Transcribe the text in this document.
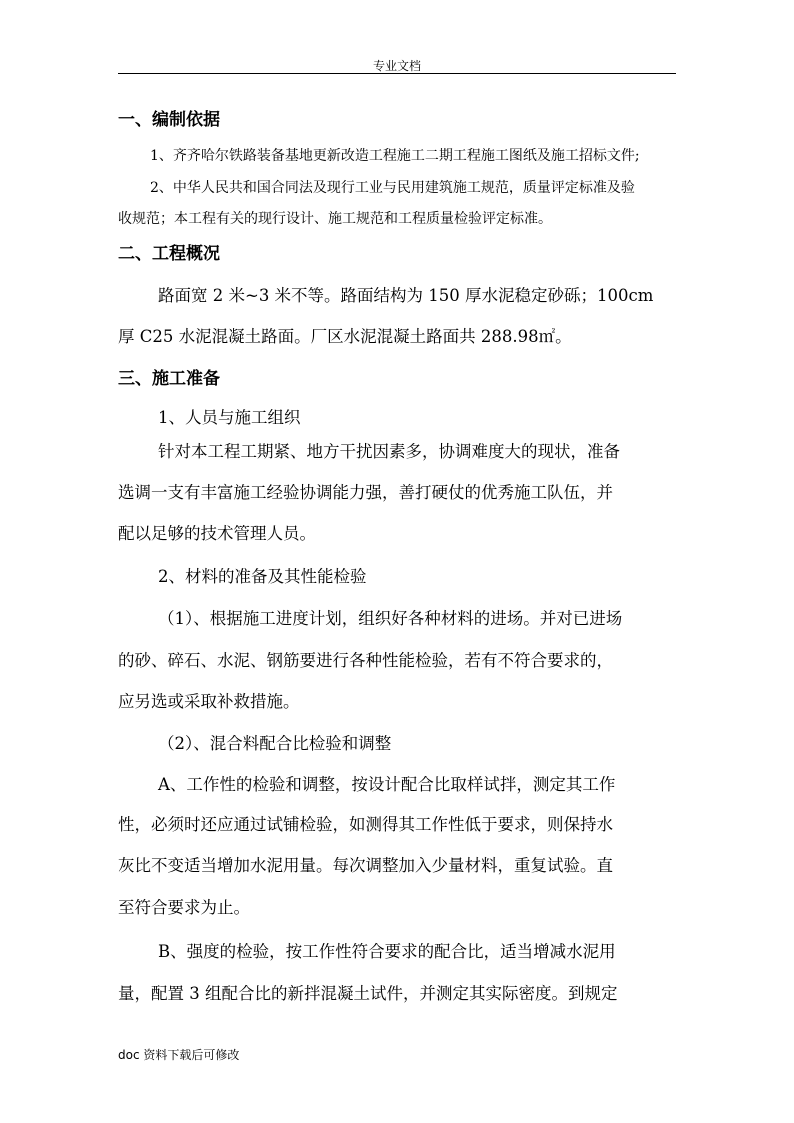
专业文档
一、编制依据
1、齐齐哈尔铁路装备基地更新改造工程施工二期工程施工图纸及施工招标文件;
2、中华人民共和国合同法及现行工业与民用建筑施工规范，质量评定标准及验
收规范；本工程有关的现行设计、施工规范和工程质量检验评定标准。
二、工程概况
路面宽 2 米~3 米不等。路面结构为 150 厚水泥稳定砂砾；100cm
厚 C25 水泥混凝土路面。厂区水泥混凝土路面共 288.98㎡。
三、施工准备
1、人员与施工组织
针对本工程工期紧、地方干扰因素多，协调难度大的现状，准备
选调一支有丰富施工经验协调能力强，善打硬仗的优秀施工队伍，并
配以足够的技术管理人员。
2、材料的准备及其性能检验
（1）、根据施工进度计划，组织好各种材料的进场。并对已进场
的砂、碎石、水泥、钢筋要进行各种性能检验，若有不符合要求的，
应另选或采取补救措施。
（2）、混合料配合比检验和调整
A、工作性的检验和调整，按设计配合比取样试拌，测定其工作
性，必须时还应通过试铺检验，如测得其工作性低于要求，则保持水
灰比不变适当增加水泥用量。每次调整加入少量材料，重复试验。直
至符合要求为止。
B、强度的检验，按工作性符合要求的配合比，适当增减水泥用
量，配置 3 组配合比的新拌混凝土试件，并测定其实际密度。到规定
doc 资料下载后可修改
